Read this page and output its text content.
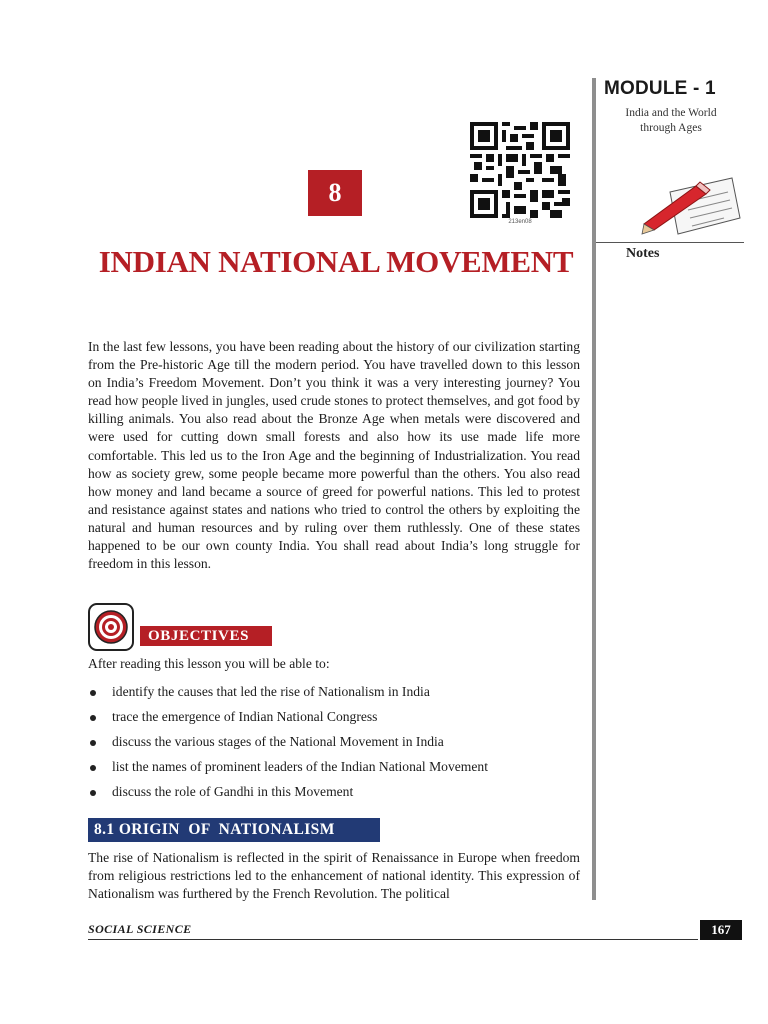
MODULE - 1
India and the World
through Ages
Notes
213en08
8
INDIAN NATIONAL MOVEMENT

In the last few lessons, you have been reading about the history of our civilization starting from the Pre-historic Age till the modern period. You have travelled down to this lesson on India’s Freedom Movement. Don’t you think it was a very interesting journey? You read how people lived in jungles, used crude stones to protect themselves, and got food by killing animals. You also read about the Bronze Age when metals were discovered and were used for cutting down small forests and also how its use made life more comfortable. This led us to the Iron Age and the beginning of Industrialization. You read how as society grew, some people became more powerful than the others. You also read how money and land became a source of greed for powerful nations. This led to protest and resistance against states and nations who tried to control the others by exploiting the natural and human resources and by ruling over them ruthlessly. One of these states happened to be our own county India. You shall read about India’s long struggle for freedom in this lesson.

OBJECTIVES
After reading this lesson you will be able to:
identify the causes that led the rise of Nationalism in India
trace the emergence of Indian National Congress
discuss the various stages of the National Movement in India
list the names of prominent leaders of the Indian National Movement
discuss the role of Gandhi in this Movement
8.1 ORIGIN  OF  NATIONALISM

The rise of Nationalism is reflected in the spirit of Renaissance in Europe when freedom from religious restrictions led to the enhancement of national identity. This expression of Nationalism was furthered by the French Revolution. The political

SOCIAL SCIENCE	167
